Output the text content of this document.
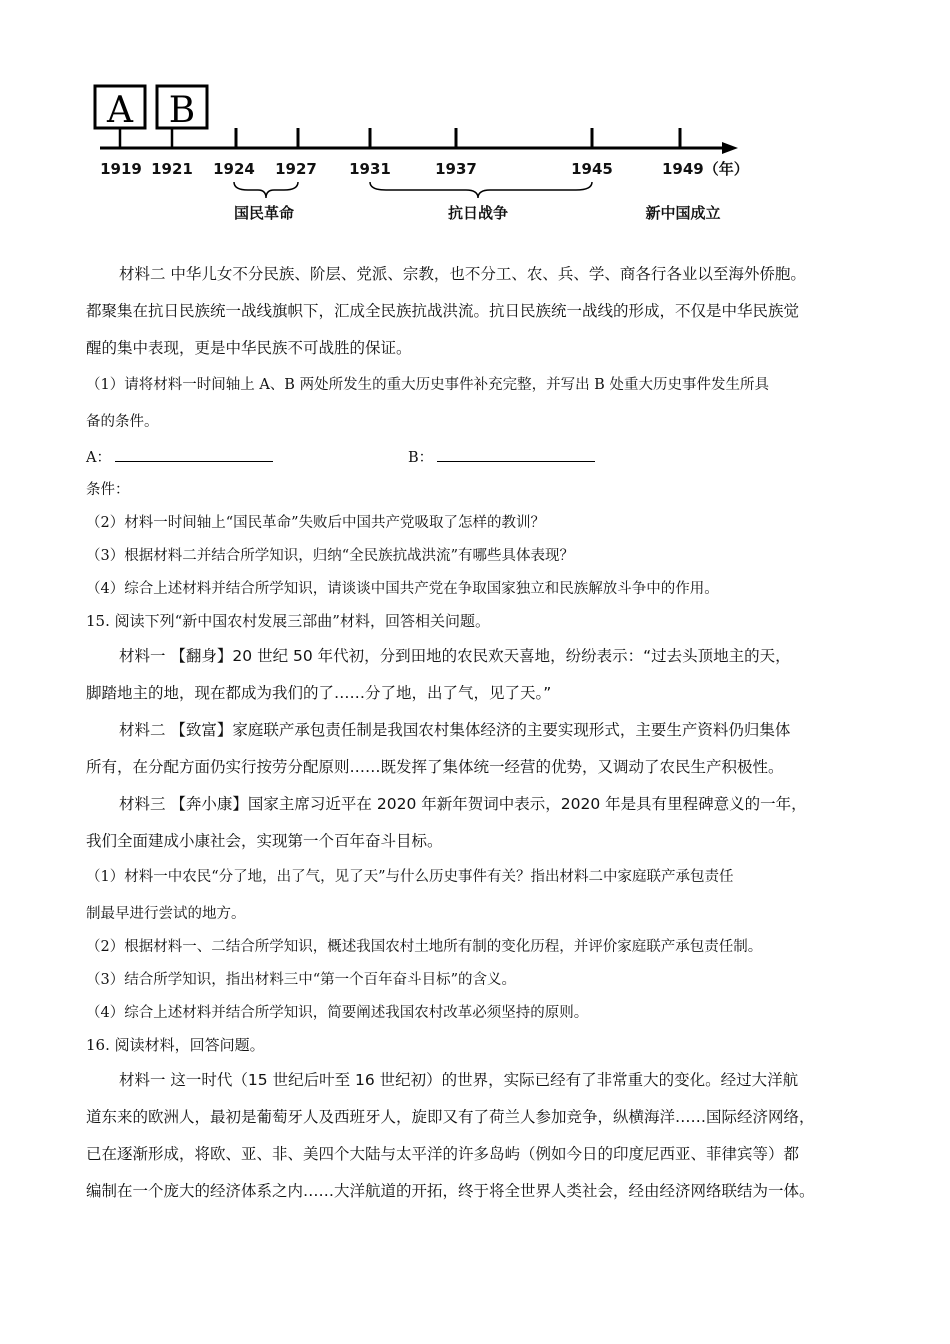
A B
1919 1921 1924 1927 1931	1937	1945	1949（年）
国民革命	抗日战争	新中国成立

材料二 中华儿女不分民族、阶层、党派、宗教，也不分工、农、兵、学、商各行各业以至海外侨胞。

都聚集在抗日民族统一战线旗帜下，汇成全民族抗战洪流。抗日民族统一战线的形成，不仅是中华民族觉

醒的集中表现，更是中华民族不可战胜的保证。

（1）请将材料一时间轴上 A、B 两处所发生的重大历史事件补充完整，并写出 B 处重大历史事件发生所具

备的条件。

A：	B：

条件：

（2）材料一时间轴上“国民革命”失败后中国共产党吸取了怎样的教训？

（3）根据材料二并结合所学知识，归纳“全民族抗战洪流”有哪些具体表现？

（4）综合上述材料并结合所学知识，请谈谈中国共产党在争取国家独立和民族解放斗争中的作用。

15. 阅读下列“新中国农村发展三部曲”材料，回答相关问题。

材料一 【翻身】20 世纪 50 年代初，分到田地的农民欢天喜地，纷纷表示：“过去头顶地主的天，

脚踏地主的地，现在都成为我们的了……分了地，出了气，见了天。”

材料二 【致富】家庭联产承包责任制是我国农村集体经济的主要实现形式，主要生产资料仍归集体

所有，在分配方面仍实行按劳分配原则……既发挥了集体统一经营的优势，又调动了农民生产积极性。

材料三 【奔小康】国家主席习近平在 2020 年新年贺词中表示，2020 年是具有里程碑意义的一年，

我们全面建成小康社会，实现第一个百年奋斗目标。

（1）材料一中农民“分了地，出了气，见了天”与什么历史事件有关？指出材料二中家庭联产承包责任

制最早进行尝试的地方。

（2）根据材料一、二结合所学知识，概述我国农村土地所有制的变化历程，并评价家庭联产承包责任制。

（3）结合所学知识，指出材料三中“第一个百年奋斗目标”的含义。

（4）综合上述材料并结合所学知识，简要阐述我国农村改革必须坚持的原则。

16. 阅读材料，回答问题。

材料一 这一时代（15 世纪后叶至 16 世纪初）的世界，实际已经有了非常重大的变化。经过大洋航

道东来的欧洲人，最初是葡萄牙人及西班牙人，旋即又有了荷兰人参加竞争，纵横海洋……国际经济网络，

已在逐渐形成，将欧、亚、非、美四个大陆与太平洋的许多岛屿（例如今日的印度尼西亚、菲律宾等）都

编制在一个庞大的经济体系之内……大洋航道的开拓，终于将全世界人类社会，经由经济网络联结为一体。
